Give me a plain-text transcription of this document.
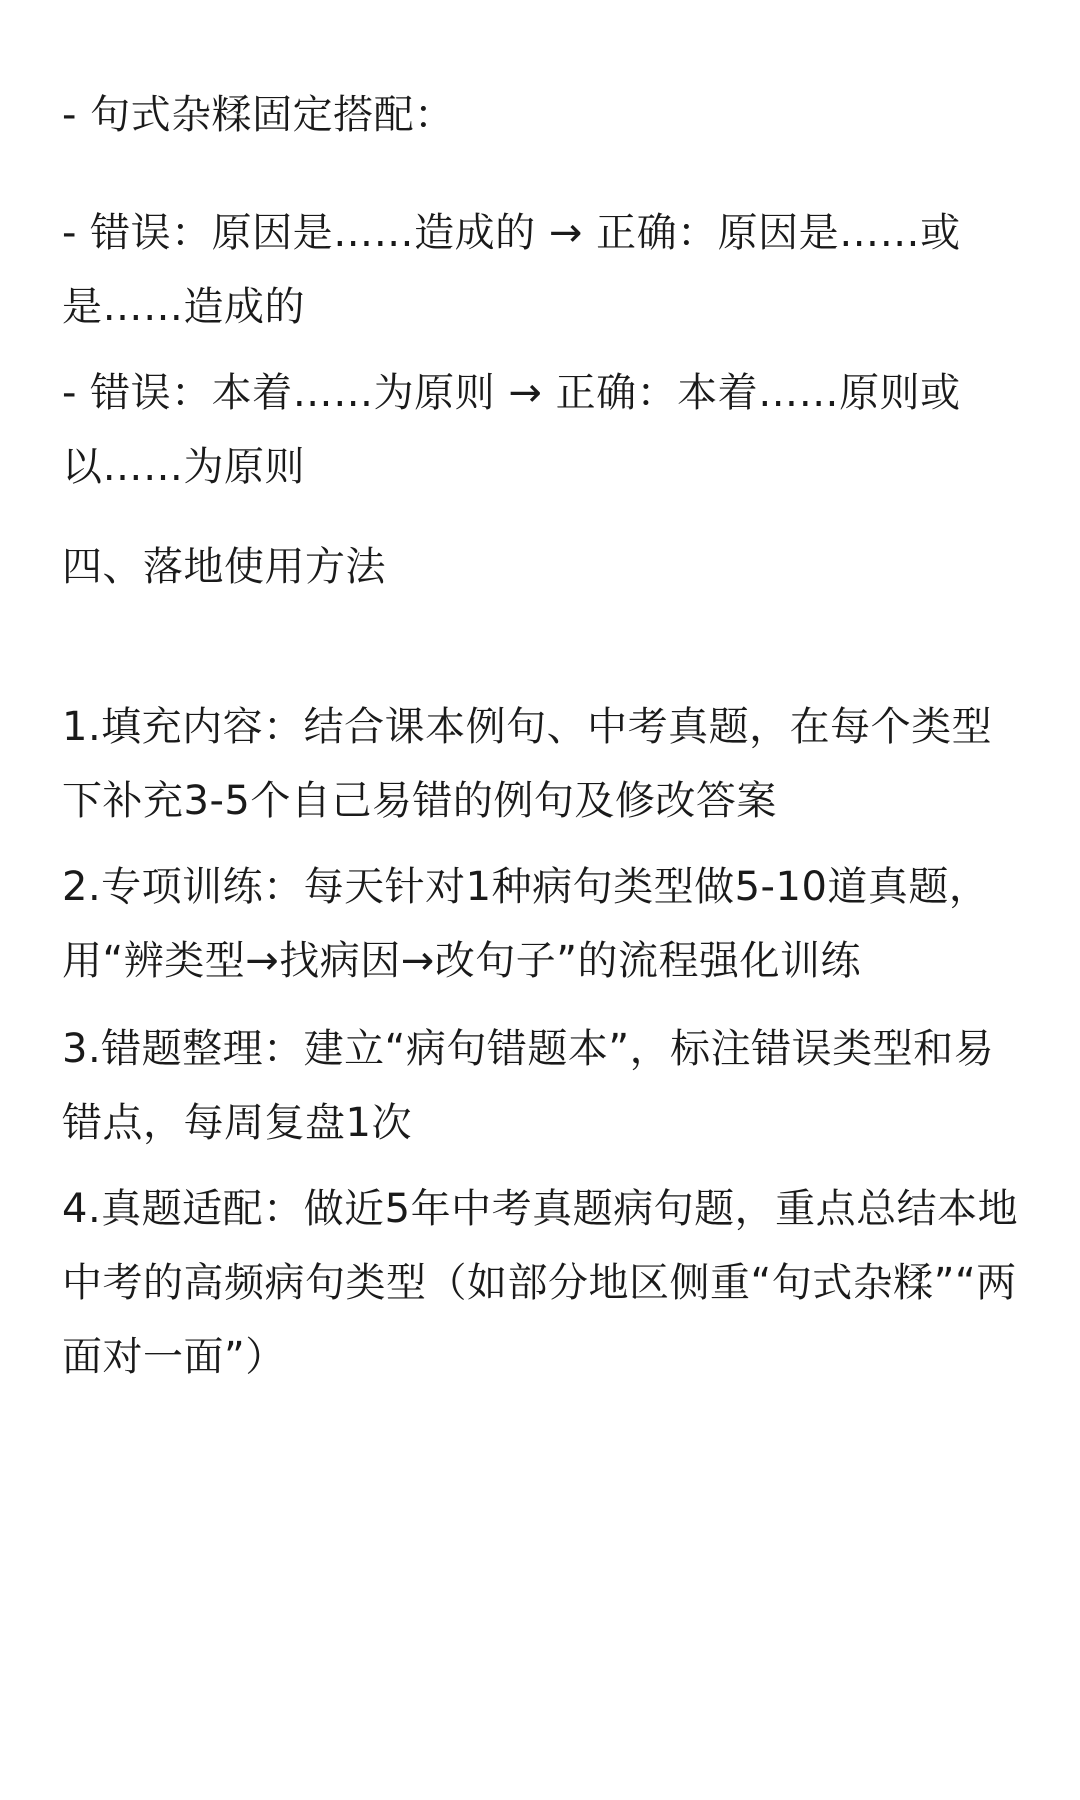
- 句式杂糅固定搭配：
- 错误：原因是……造成的 → 正确：原因是……或 是……造成的
- 错误：本着……为原则 → 正确：本着……原则或 以……为原则
四、落地使用方法
1.填充内容：结合课本例句、中考真题，在每个类型下补充3-5个自己易错的例句及修改答案
2.专项训练：每天针对1种病句类型做5-10道真题，用“辨类型→找病因→改句子”的流程强化训练
3.错题整理：建立“病句错题本”，标注错误类型和易错点，每周复盘1次
4.真题适配：做近5年中考真题病句题，重点总结本地中考的高频病句类型（如部分地区侧重“句式杂糅”“两面对一面”）
